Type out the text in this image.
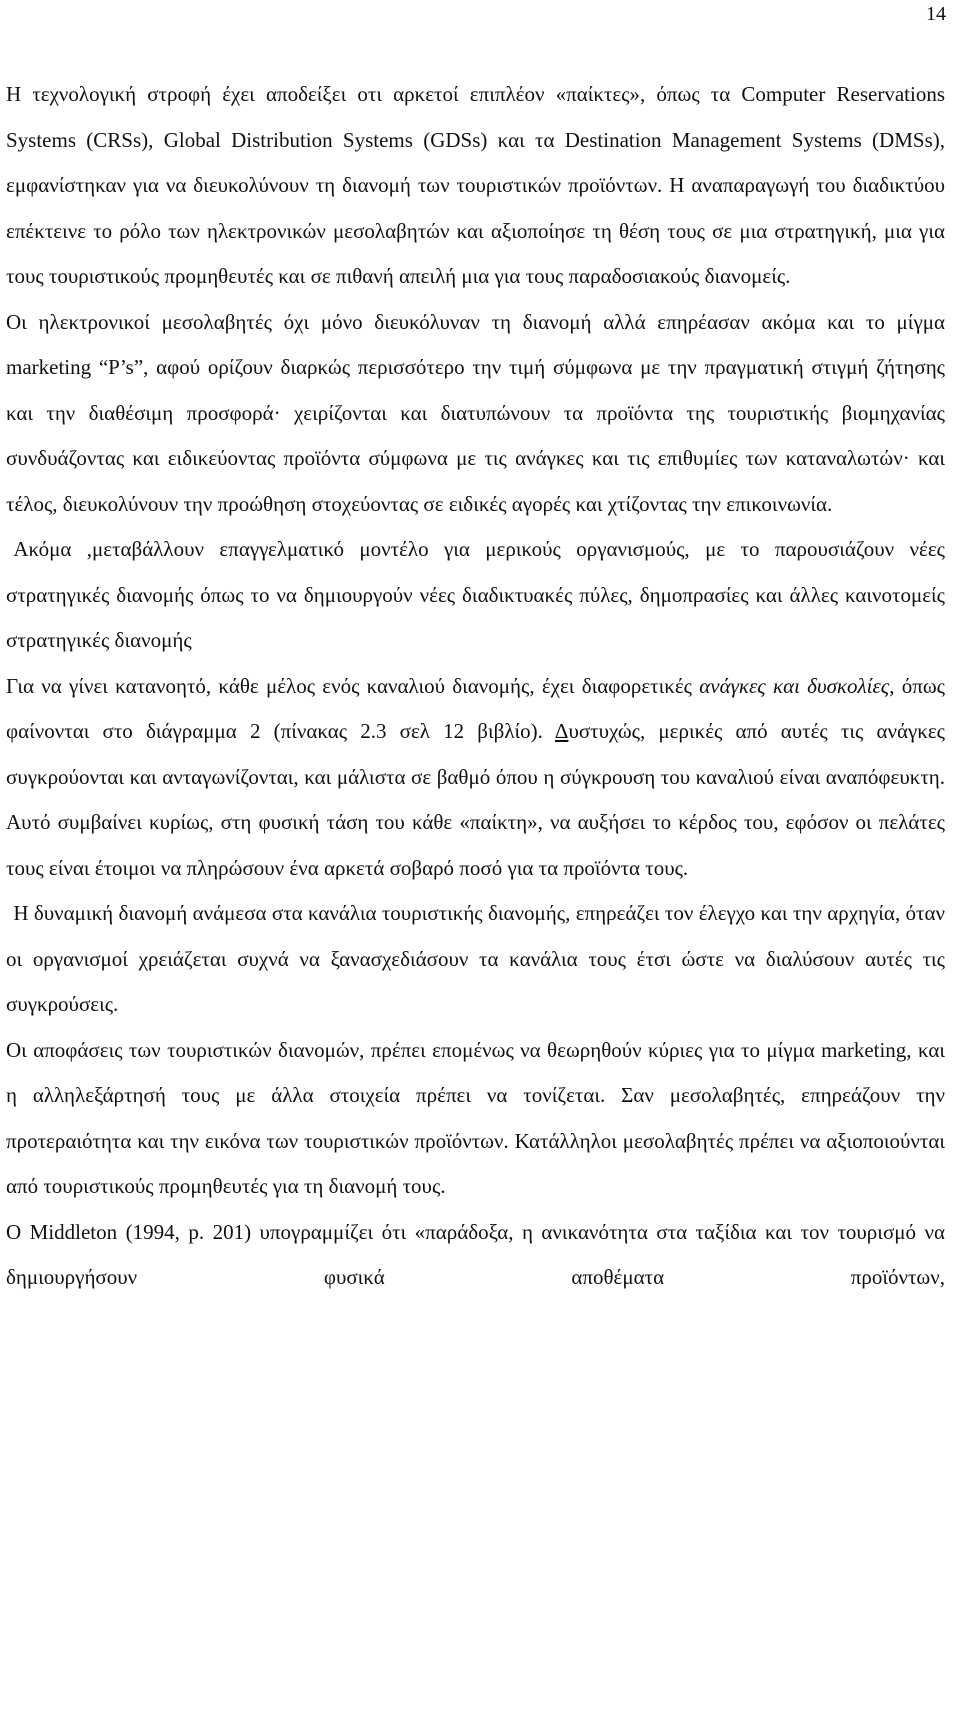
14

Η τεχνολογική στροφή έχει αποδείξει οτι αρκετοί επιπλέον «παίκτες», όπως τα Computer Reservations Systems (CRSs), Global Distribution Systems (GDSs) και τα Destination Management Systems (DMSs), εμφανίστηκαν για να διευκολύνουν τη διανομή των τουριστικών προϊόντων. Η αναπαραγωγή του διαδικτύου επέκτεινε το ρόλο των ηλεκτρονικών μεσολαβητών και αξιοποίησε τη θέση τους σε μια στρατηγική, μια για τους τουριστικούς προμηθευτές και σε πιθανή απειλή μια για τους παραδοσιακούς διανομείς.

Οι ηλεκτρονικοί μεσολαβητές όχι μόνο διευκόλυναν τη διανομή αλλά επηρέασαν ακόμα και το μίγμα marketing “P’s”, αφού ορίζουν διαρκώς περισσότερο την τιμή σύμφωνα με την πραγματική στιγμή ζήτησης και την διαθέσιμη προσφορά· χειρίζονται και διατυπώνουν τα προϊόντα της τουριστικής βιομηχανίας συνδυάζοντας και ειδικεύοντας προϊόντα σύμφωνα με τις ανάγκες και τις επιθυμίες των καταναλωτών· και τέλος, διευκολύνουν την προώθηση στοχεύοντας σε ειδικές αγορές και χτίζοντας την επικοινωνία.

Ακόμα ,μεταβάλλουν επαγγελματικό μοντέλο για μερικούς οργανισμούς, με το παρουσιάζουν νέες στρατηγικές διανομής όπως το να δημιουργούν νέες διαδικτυακές πύλες, δημοπρασίες και άλλες καινοτομείς στρατηγικές διανομής

Για να γίνει κατανοητό, κάθε μέλος ενός καναλιού διανομής, έχει διαφορετικές ανάγκες και δυσκολίες, όπως φαίνονται στο διάγραμμα 2 (πίνακας 2.3 σελ 12 βιβλίο). Δυστυχώς, μερικές από αυτές τις ανάγκες συγκρούονται και ανταγωνίζονται, και μάλιστα σε βαθμό όπου η σύγκρουση του καναλιού είναι αναπόφευκτη. Αυτό συμβαίνει κυρίως, στη φυσική τάση του κάθε «παίκτη», να αυξήσει το κέρδος του, εφόσον οι πελάτες τους είναι έτοιμοι να πληρώσουν ένα αρκετά σοβαρό ποσό για τα προϊόντα τους.

Η δυναμική διανομή ανάμεσα στα κανάλια τουριστικής διανομής, επηρεάζει τον έλεγχο και την αρχηγία, όταν οι οργανισμοί χρειάζεται συχνά να ξανασχεδιάσουν τα κανάλια τους έτσι ώστε να διαλύσουν αυτές τις συγκρούσεις.

Οι αποφάσεις των τουριστικών διανομών, πρέπει επομένως να θεωρηθούν κύριες για το μίγμα marketing, και η αλληλεξάρτησή τους με άλλα στοιχεία πρέπει να τονίζεται. Σαν μεσολαβητές, επηρεάζουν την προτεραιότητα και την εικόνα των τουριστικών προϊόντων. Κατάλληλοι μεσολαβητές πρέπει να αξιοποιούνται από τουριστικούς προμηθευτές για τη διανομή τους.

Ο Middleton (1994, p. 201) υπογραμμίζει ότι «παράδοξα, η ανικανότητα στα ταξίδια και τον τουρισμό να δημιουργήσουν φυσικά αποθέματα προϊόντων,
